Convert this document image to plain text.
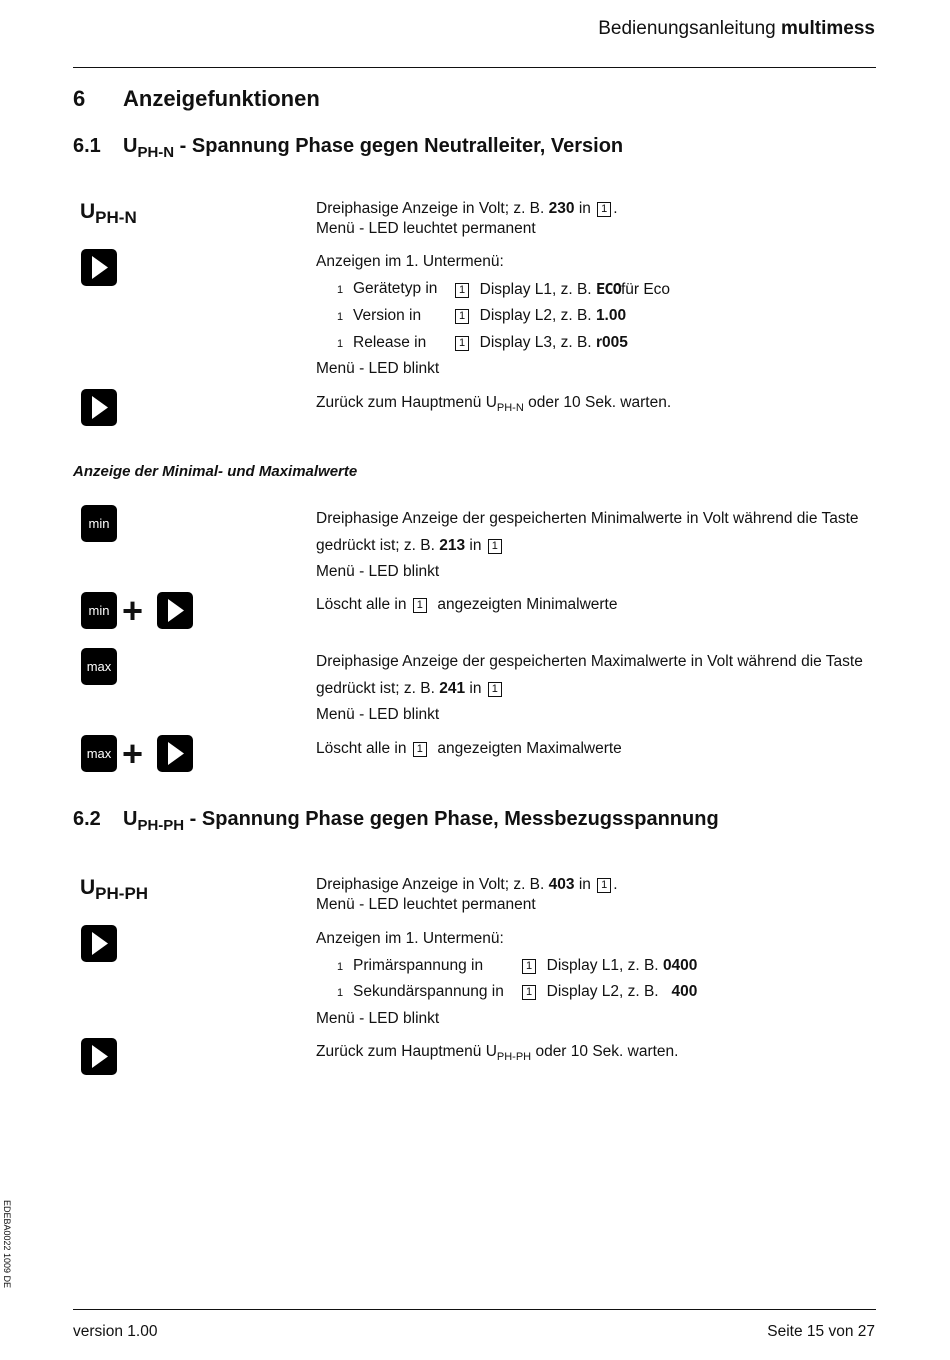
Bedienungsanleitung multimess
6 Anzeigefunktionen
6.1 $U_{PH-N}$ - Spannung Phase gegen Neutralleiter, Version
$U_{PH-N}$	Dreiphasige Anzeige in Volt; z. B. 230 in 1 .
Menü - LED leuchtet permanent
Anzeigen im 1. Untermenü:
1 Gerätetyp in	1 Display L1, z. B. ECOfür Eco
1 Version in	1 Display L2, z. B. 1.00
1 Release in	1 Display L3, z. B. r005
Menü - LED blinkt
Zurück zum Hauptmenü $U_{PH-N}$ oder 10 Sek. warten.
Anzeige der Minimal- und Maximalwerte
min	Dreiphasige Anzeige der gespeicherten Minimalwerte in Volt während die Taste
gedrückt ist; z. B. 213 in 1
Menü - LED blinkt
min +	Löscht alle in 1 angezeigten Minimalwerte
max	Dreiphasige Anzeige der gespeicherten Maximalwerte in Volt während die Taste
gedrückt ist; z. B. 241 in 1
Menü - LED blinkt
max +	Löscht alle in 1 angezeigten Maximalwerte
6.2 $U_{PH-PH}$ - Spannung Phase gegen Phase, Messbezugsspannung
$U_{PH-PH}$	Dreiphasige Anzeige in Volt; z. B. 403 in 1 .
Menü - LED leuchtet permanent
Anzeigen im 1. Untermenü:
1 Primärspannung in	1 Display L1, z. B. 0400
1 Sekundärspannung in	1 Display L2, z. B. 400
Menü - LED blinkt
Zurück zum Hauptmenü $U_{PH-PH}$ oder 10 Sek. warten.
EDEBA0022 1009 DE
version 1.00	Seite 15 von 27
